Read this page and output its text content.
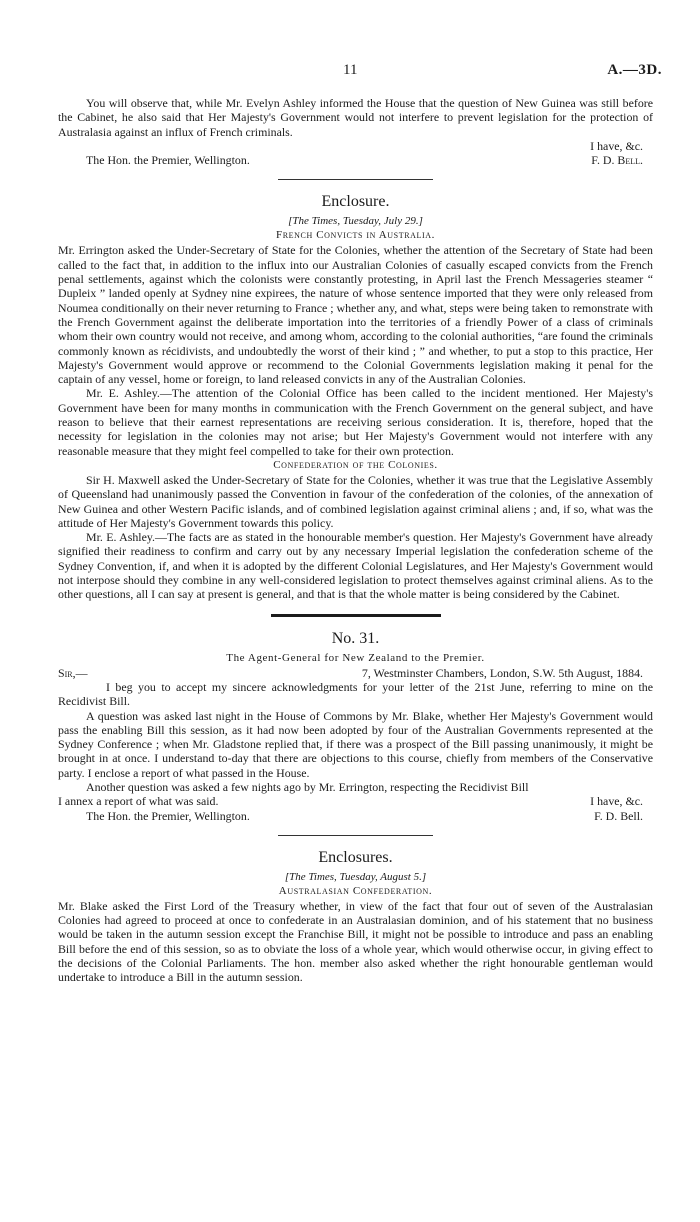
11	A.—3D.

You will observe that, while Mr. Evelyn Ashley informed the House that the question of New Guinea was still before the Cabinet, he also said that Her Majesty's Government would not interfere to prevent legislation for the protection of Australasia against an influx of French criminals.

I have, &c.

The Hon. the Premier, Wellington.	F. D. Bell.
Enclosure.
[The Times, Tuesday, July 29.]
French Convicts in Australia.

Mr. Errington asked the Under-Secretary of State for the Colonies, whether the attention of the Secretary of State had been called to the fact that, in addition to the influx into our Australian Colonies of casually escaped convicts from the French penal settlements, against which the colonists were constantly protesting, in April last the French Messageries steamer “ Dupleix ” landed openly at Sydney nine expirees, the nature of whose sentence imported that they were only released from Noumea conditionally on their never returning to France ; whether any, and what, steps were being taken to remonstrate with the French Government against the deliberate importation into the territories of a friendly Power of a class of criminals whom their own country would not receive, and among whom, according to the colonial authorities, “are found the criminals commonly known as récidivists, and undoubtedly the worst of their kind ; ” and whether, to put a stop to this practice, Her Majesty's Government would approve or recommend to the Colonial Governments legislation making it penal for the captain of any vessel, home or foreign, to land released convicts in any of the Australian Colonies.

Mr. E. Ashley.—The attention of the Colonial Office has been called to the incident mentioned. Her Majesty's Government have been for many months in communication with the French Government on the general subject, and have reason to believe that their earnest representations are receiving serious consideration. It is, therefore, hoped that the necessity for legislation in the colonies may not arise; but Her Majesty's Government would not interfere with any reasonable measure that they might feel compelled to take for their own protection.

Confederation of the Colonies.

Sir H. Maxwell asked the Under-Secretary of State for the Colonies, whether it was true that the Legislative Assembly of Queensland had unanimously passed the Convention in favour of the confederation of the colonies, of the annexation of New Guinea and other Western Pacific islands, and of combined legislation against criminal aliens ; and, if so, what was the attitude of Her Majesty's Government towards this policy.

Mr. E. Ashley.—The facts are as stated in the honourable member's question. Her Majesty's Government have already signified their readiness to confirm and carry out by any necessary Imperial legislation the confederation scheme of the Sydney Convention, if, and when it is adopted by the different Colonial Legislatures, and Her Majesty's Government would not interpose should they combine in any well-considered legislation to protect themselves against criminal aliens. As to the other questions, all I can say at present is general, and that is that the whole matter is being considered by the Cabinet.

No. 31.
The Agent-General for New Zealand to the Premier.
Sir,—	7, Westminster Chambers, London, S.W. 5th August, 1884.

I beg you to accept my sincere acknowledgments for your letter of the 21st June, referring to mine on the Recidivist Bill.

A question was asked last night in the House of Commons by Mr. Blake, whether Her Majesty's Government would pass the enabling Bill this session, as it had now been adopted by four of the Australian Governments represented at the Sydney Conference ; when Mr. Gladstone replied that, if there was a prospect of the Bill passing unanimously, it might be brought in at once. I understand to-day that there are objections to this course, chiefly from members of the Conservative party. I enclose a report of what passed in the House.

Another question was asked a few nights ago by Mr. Errington, respecting the Recidivist Bill

I annex a report of what was said.	I have, &c.
The Hon. the Premier, Wellington.	F. D. Bell.
Enclosures.
[The Times, Tuesday, August 5.]
Australasian Confederation.

Mr. Blake asked the First Lord of the Treasury whether, in view of the fact that four out of seven of the Australasian Colonies had agreed to proceed at once to confederate in an Australasian dominion, and of his statement that no business would be taken in the autumn session except the Franchise Bill, it might not be possible to introduce and pass an enabling Bill before the end of this session, so as to obviate the loss of a whole year, which would otherwise occur, in giving effect to the decisions of the Colonial Parliaments. The hon. member also asked whether the right honourable gentleman would undertake to introduce a Bill in the autumn session.
